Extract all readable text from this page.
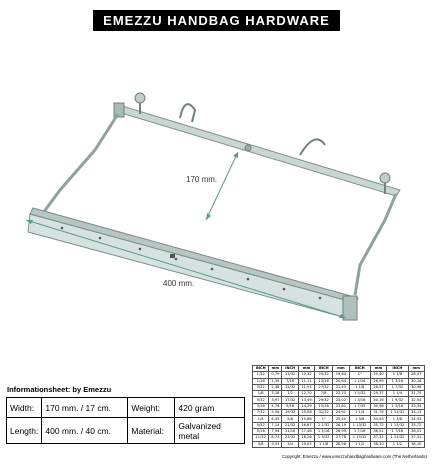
EMEZZU HANDBAG HARDWARE
170 mm.
400 mm.
Informationsheet: by Emezzu
Width:	170 mm. / 17 cm.	Weight:	420 gram
Length:	400 mm. / 40 cm.	Material:	Galvanized metal
INCH	mm	INCH	mm	INCH	mm	INCH	mm	INCH	mm
1/32	0,79	13/32	10,32	25/32	19,84	1"	25,40	1 1/8	28,57
1/16	1,59	7/16	11,11	13/16	20,64	1 1/16	26,99	1 3/16	30,16
3/32	2,38	15/32	11,91	27/32	21,43	1 1/8	28,57	1 7/32	30,96
1/8	3,18	1/2	12,70	7/8	22,23	1 5/32	29,37	1 1/4	31,75
5/32	3,97	17/32	13,49	29/32	23,02	1 3/16	30,16	1 9/32	32,54
3/16	4,76	9/16	14,29	15/16	23,81	1 7/32	30,96	1 5/16	33,34
7/32	5,56	19/32	15,08	31/32	24,61	1 1/4	31,75	1 11/32	34,13
1/4	6,35	5/8	15,88	1"	25,40	1 3/8	34,93	1 3/8	34,93
9/32	7,14	21/32	16,67	1 1/32	26,19	1 13/32	35,72	1 13/32	35,72
5/16	7,94	11/16	17,46	1 1/16	26,99	1 7/16	36,51	1 7/16	36,51
11/32	8,73	23/32	18,26	1 3/32	27,78	1 15/32	37,31	1 15/32	37,31
3/8	9,53	3/4	19,05	1 1/8	28,58	1 1/2	38,10	1 1/2	38,10
Copyright: Emezzu / www.emezzuhandbaghardware.com (The Netherlands)
